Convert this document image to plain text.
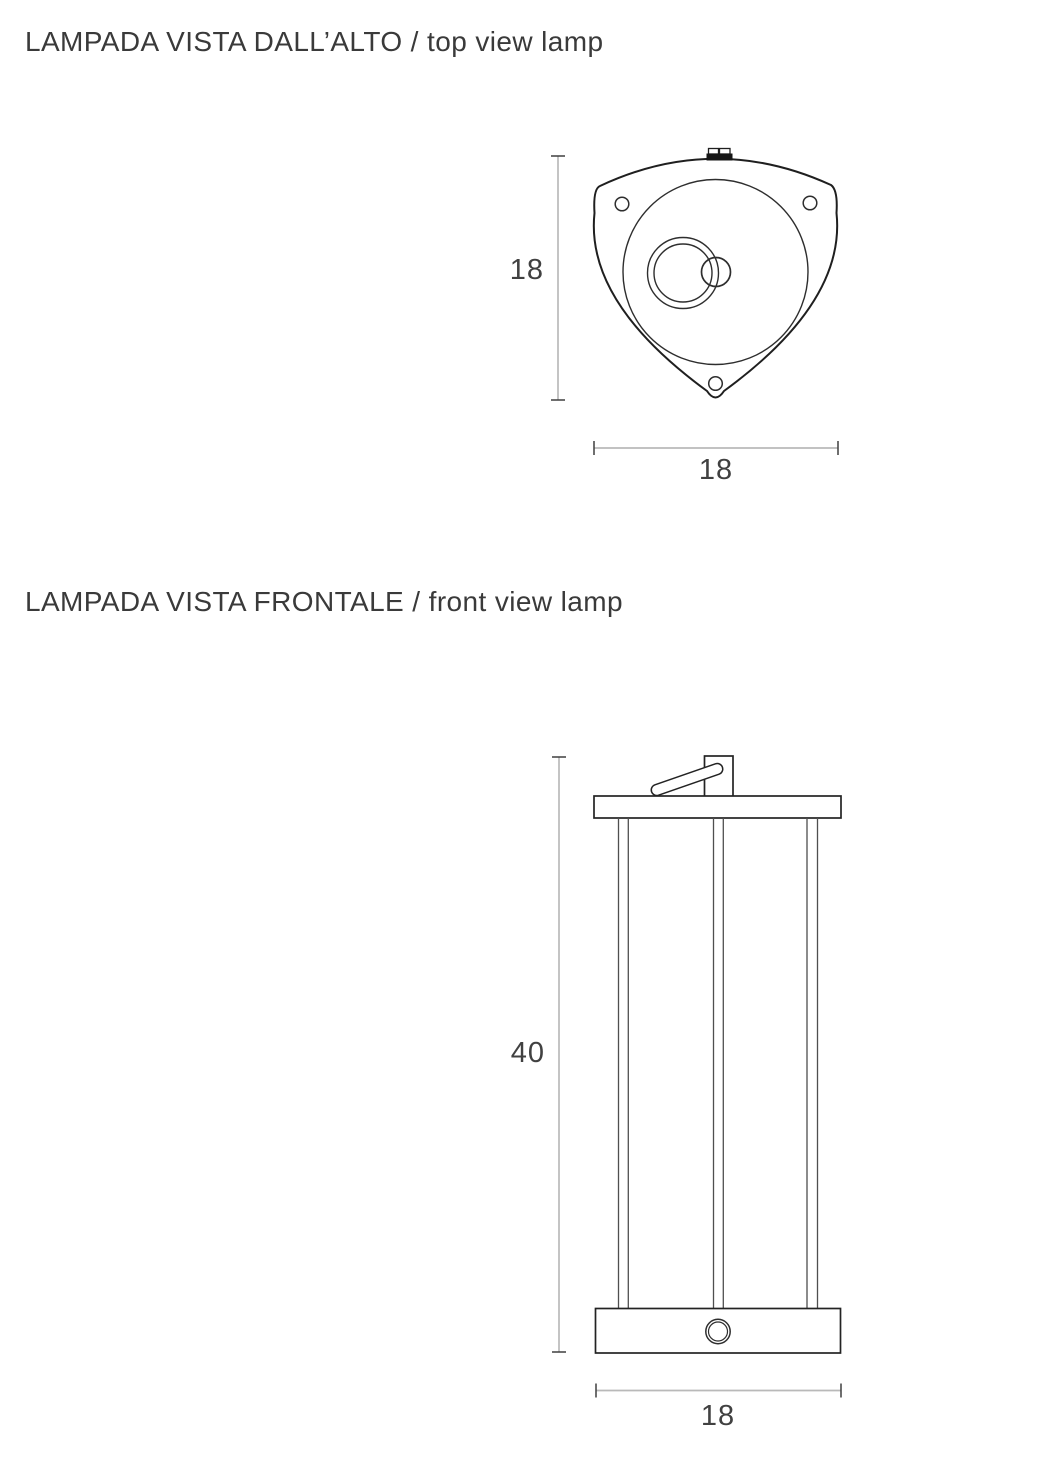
LAMPADA VISTA DALL’ALTO / top view lamp
LAMPADA VISTA FRONTALE / front view lamp
18
18
40
18
